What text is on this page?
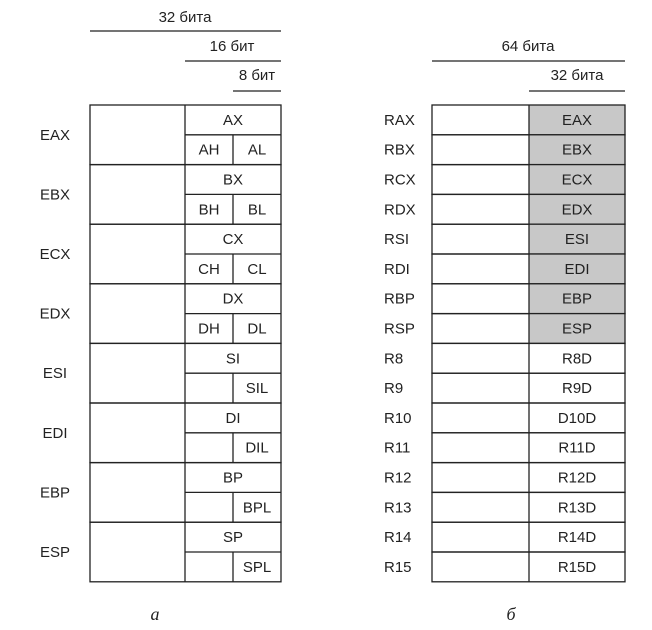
32 бита
16 бит
8 бит
EAX
AX
AH AL
EBX
BX
BH BL
ECX
CX
CH CL
EDX
DX
DH DL
ESI
SI
SIL
EDI
DI
DIL
EBP
BP
BPL
ESP
SP
SPL
а
64 бита
32 бита
RAX	EAX
RBX	EBX
RCX	ECX
RDX	EDX
RSI	ESI
RDI	EDI
RBP	EBP
RSP	ESP
R8	R8D
R9	R9D
R10	D10D
R11	R11D
R12	R12D
R13	R13D
R14	R14D
R15	R15D
б
